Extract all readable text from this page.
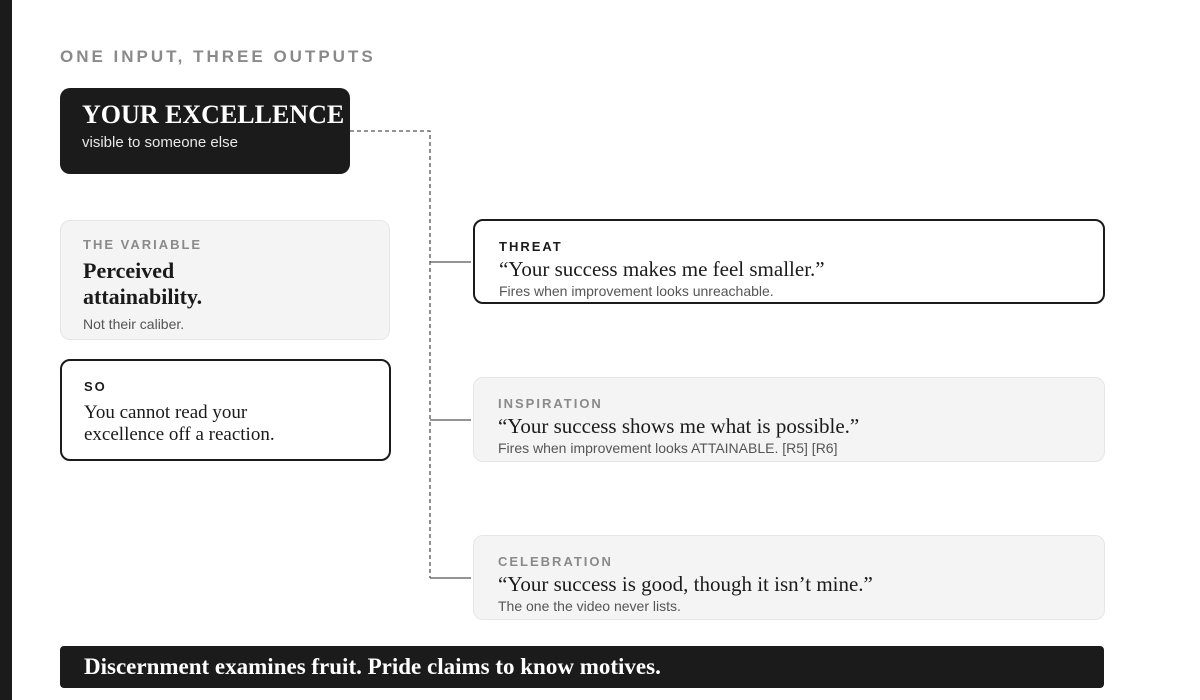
ONE INPUT, THREE OUTPUTS
YOUR EXCELLENCE
visible to someone else
THE VARIABLE
Perceived attainability.
Not their caliber.
SO
You cannot read your excellence off a reaction.
THREAT
“Your success makes me feel smaller.”
Fires when improvement looks unreachable.
INSPIRATION
“Your success shows me what is possible.”
Fires when improvement looks ATTAINABLE. [R5] [R6]
CELEBRATION
“Your success is good, though it isn’t mine.”
The one the video never lists.
Discernment examines fruit. Pride claims to know motives.
